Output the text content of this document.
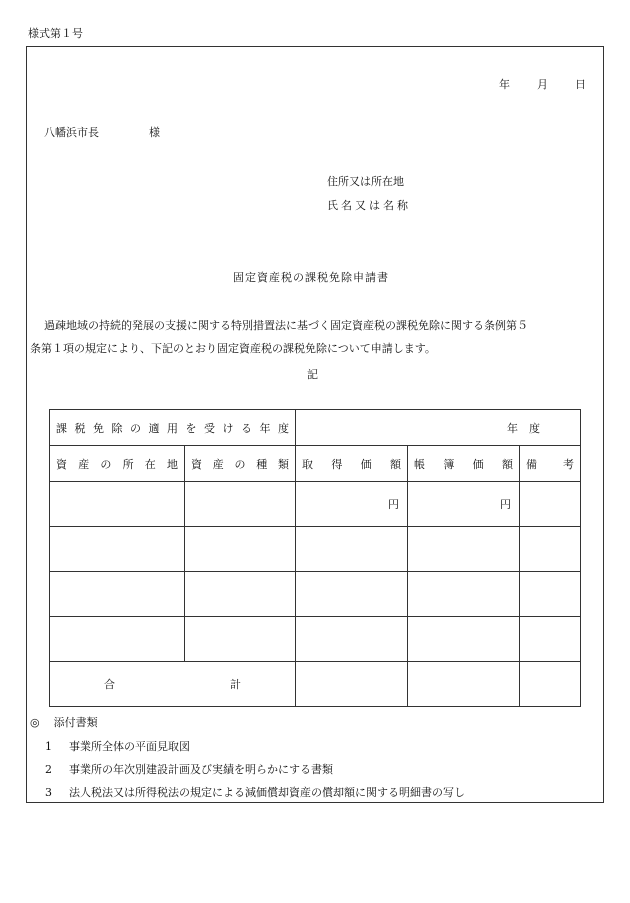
様式第１号
年 月 日
八幡浜市長	様
住所又は所在地
氏名又は名称
固定資産税の課税免除申請書
過疎地域の持続的発展の支援に関する特別措置法に基づく固定資産税の課税免除に関する条例第５
条第１項の規定により、下記のとおり固定資産税の課税免除について申請します。
記
課税免除の適用を受ける年度		年　度		
資産の所在地	資産の種類	取得価額	帳簿価額	備考
		円	円	

合計				
◎ 添付書類
1 事業所全体の平面見取図
2 事業所の年次別建設計画及び実績を明らかにする書類
3 法人税法又は所得税法の規定による減価償却資産の償却額に関する明細書の写し
